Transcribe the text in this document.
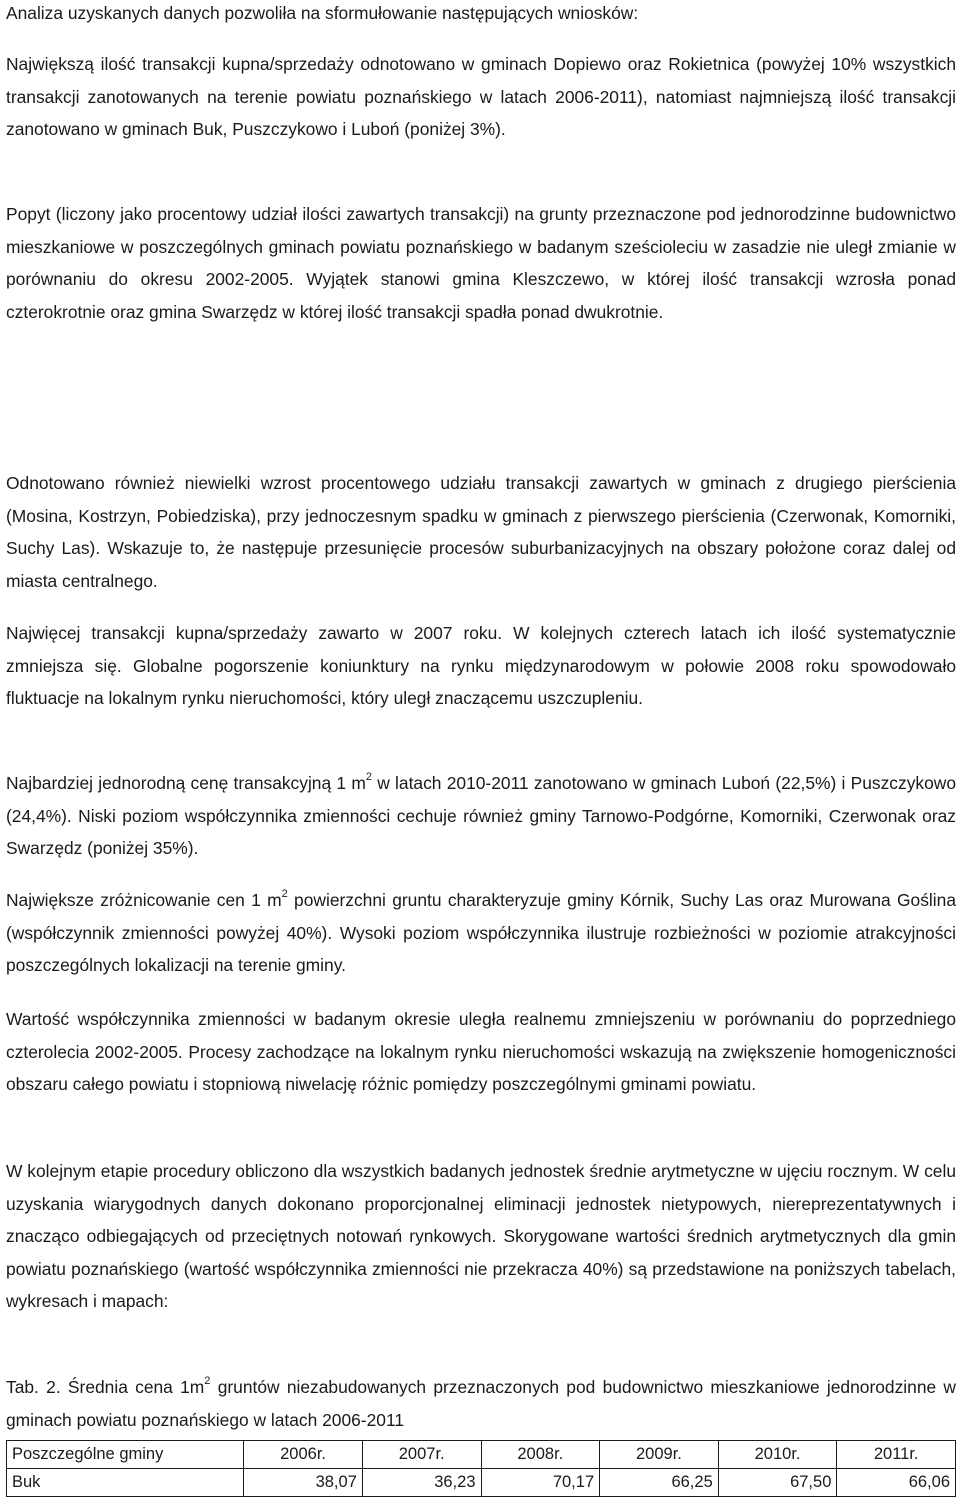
Analiza uzyskanych danych pozwoliła na sformułowanie następujących wniosków:

Największą ilość transakcji kupna/sprzedaży odnotowano w gminach Dopiewo oraz Rokietnica (powyżej 10% wszystkich transakcji zanotowanych na terenie powiatu poznańskiego w latach 2006-2011), natomiast najmniejszą ilość transakcji zanotowano w gminach Buk, Puszczykowo i Luboń (poniżej 3%).

Popyt (liczony jako procentowy udział ilości zawartych transakcji) na grunty przeznaczone pod jednorodzinne budownictwo mieszkaniowe w poszczególnych gminach powiatu poznańskiego w badanym sześcioleciu w zasadzie nie uległ zmianie w porównaniu do okresu 2002-2005. Wyjątek stanowi gmina Kleszczewo, w której ilość transakcji wzrosła ponad czterokrotnie oraz gmina Swarzędz w której ilość transakcji spadła ponad dwukrotnie.

Odnotowano również niewielki wzrost procentowego udziału transakcji zawartych w gminach z drugiego pierścienia (Mosina, Kostrzyn, Pobiedziska), przy jednoczesnym spadku w gminach z pierwszego pierścienia (Czerwonak, Komorniki, Suchy Las). Wskazuje to, że następuje przesunięcie procesów suburbanizacyjnych na obszary położone coraz dalej od miasta centralnego.

Najwięcej transakcji kupna/sprzedaży zawarto w 2007 roku. W kolejnych czterech latach ich ilość systematycznie zmniejsza się. Globalne pogorszenie koniunktury na rynku międzynarodowym w połowie 2008 roku spowodowało fluktuacje na lokalnym rynku nieruchomości, który uległ znaczącemu uszczupleniu.

Najbardziej jednorodną cenę transakcyjną 1 $m^2$ w latach 2010-2011 zanotowano w gminach Luboń (22,5%) i Puszczykowo (24,4%). Niski poziom współczynnika zmienności cechuje również gminy Tarnowo-Podgórne, Komorniki, Czerwonak oraz Swarzędz (poniżej 35%).

Największe zróżnicowanie cen 1 $m^2$ powierzchni gruntu charakteryzuje gminy Kórnik, Suchy Las oraz Murowana Goślina (współczynnik zmienności powyżej 40%). Wysoki poziom współczynnika ilustruje rozbieżności w poziomie atrakcyjności poszczególnych lokalizacji na terenie gminy.

Wartość współczynnika zmienności w badanym okresie uległa realnemu zmniejszeniu w porównaniu do poprzedniego czterolecia 2002-2005. Procesy zachodzące na lokalnym rynku nieruchomości wskazują na zwiększenie homogeniczności obszaru całego powiatu i stopniową niwelację różnic pomiędzy poszczególnymi gminami powiatu.

W kolejnym etapie procedury obliczono dla wszystkich badanych jednostek średnie arytmetyczne w ujęciu rocznym. W celu uzyskania wiarygodnych danych dokonano proporcjonalnej eliminacji jednostek nietypowych, niereprezentatywnych i znacząco odbiegających od przeciętnych notowań rynkowych. Skorygowane wartości średnich arytmetycznych dla gmin powiatu poznańskiego (wartość współczynnika zmienności nie przekracza 40%) są przedstawione na poniższych tabelach, wykresach i mapach:

Tab. 2. Średnia cena $1m^2$ gruntów niezabudowanych przeznaczonych pod budownictwo mieszkaniowe jednorodzinne w gminach powiatu poznańskiego w latach 2006-2011

Poszczególne gminy	2006r.	2007r.	2008r.	2009r.	2010r.	2011r.
Buk	38,07	36,23	70,17	66,25	67,50	66,06
